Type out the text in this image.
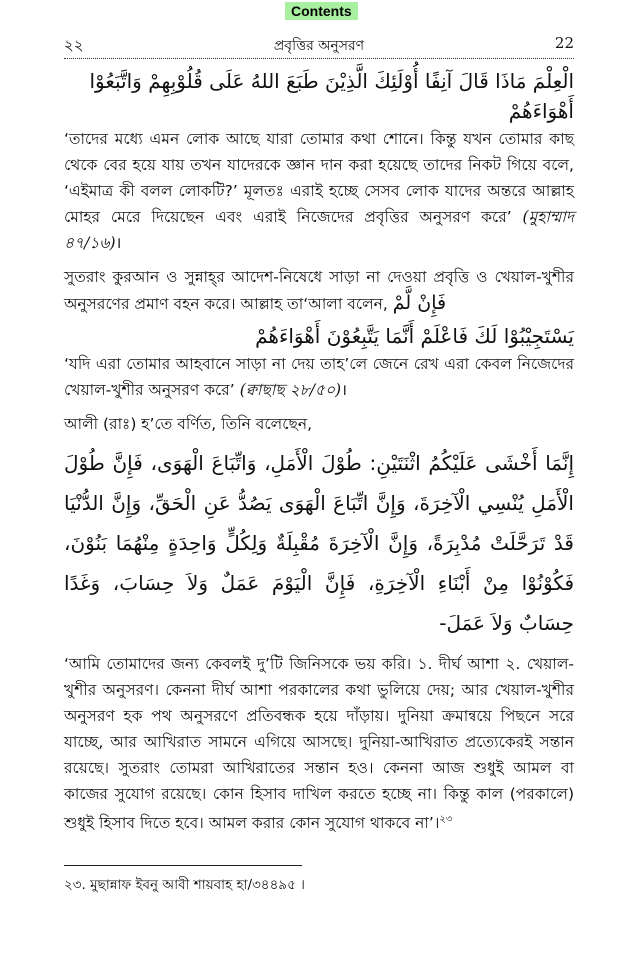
Contents
২২	প্রবৃত্তির অনুসরণ	22

الْعِلْمَ مَاذَا قَالَ آنِفًا أُوْلَئِكَ الَّذِيْنَ طَبَعَ اللهُ عَلَى قُلُوْبِهِمْ وَاتَّبَعُوْا أَهْوَاءَهُمْ

‘তাদের মধ্যে এমন লোক আছে যারা তোমার কথা শোনে। কিন্তু যখন তোমার কাছ থেকে বের হয়ে যায় তখন যাদেরকে জ্ঞান দান করা হয়েছে তাদের নিকট গিয়ে বলে, ‘এইমাত্র কী বলল লোকটি?’ মূলতঃ এরাই হচ্ছে সেসব লোক যাদের অন্তরে আল্লাহ মোহর মেরে দিয়েছেন এবং এরাই নিজেদের প্রবৃত্তির অনুসরণ করে’ (মুহাম্মাদ ৪৭/১৬)।

সুতরাং কুরআন ও সুন্নাহ্‌র আদেশ-নিষেধে সাড়া না দেওয়া প্রবৃত্তি ও খেয়াল-খুশীর অনুসরণের প্রমাণ বহন করে। আল্লাহ তা‘আলা বলেন, فَإِنْ لَّمْ

يَسْتَجِيْبُوْا لَكَ فَاعْلَمْ أَنَّمَا يَتَّبِعُوْنَ أَهْوَاءَهُمْ

‘যদি এরা তোমার আহবানে সাড়া না দেয় তাহ’লে জেনে রেখ এরা কেবল নিজেদের খেয়াল-খুশীর অনুসরণ করে’ (ক্বাছাছ ২৮/৫০)।

আলী (রাঃ) হ’তে বর্ণিত, তিনি বলেছেন,

إِنَّمَا أَخْشَى عَلَيْكُمُ اثْنَتَيْنِ: طُوْلَ الْأَمَلِ، وَاتِّبَاعَ الْهَوَى، فَإِنَّ طُوْلَ الْأَمَلِ يُنْسِي الْآخِرَةَ، وَإِنَّ اتِّبَاعَ الْهَوَى يَصُدُّ عَنِ الْحَقِّ، وَإِنَّ الدُّنْيَا قَدْ تَرَحَّلَتْ مُدْبِرَةً، وَإِنَّ الْآخِرَةَ مُقْبِلَةٌ وَلِكُلٍّ وَاحِدَةٍ مِنْهُمَا بَنُوْنَ، فَكُوْنُوْا مِنْ أَبْنَاءِ الْآخِرَةِ، فَإِنَّ الْيَوْمَ عَمَلٌ وَلاَ حِسَابَ، وَغَدًا حِسَابٌ وَلاَ عَمَلَ-

‘আমি তোমাদের জন্য কেবলই দু’টি জিনিসকে ভয় করি। ১. দীর্ঘ আশা ২. খেয়াল-খুশীর অনুসরণ। কেননা দীর্ঘ আশা পরকালের কথা ভুলিয়ে দেয়; আর খেয়াল-খুশীর অনুসরণ হক পথ অনুসরণে প্রতিবন্ধক হয়ে দাঁড়ায়। দুনিয়া ক্রমান্বয়ে পিছনে সরে যাচ্ছে, আর আখিরাত সামনে এগিয়ে আসছে। দুনিয়া-আখিরাত প্রত্যেকেরই সন্তান রয়েছে। সুতরাং তোমরা আখিরাতের সন্তান হও। কেননা আজ শুধুই আমল বা কাজের সুযোগ রয়েছে। কোন হিসাব দাখিল করতে হচ্ছে না। কিন্তু কাল (পরকালে) শুধুই হিসাব দিতে হবে। আমল করার কোন সুযোগ থাকবে না’।$^{২৩}$

২৩. মুছান্নাফ ইবনু আবী শায়বাহ হা/৩৪৪৯৫ ।
